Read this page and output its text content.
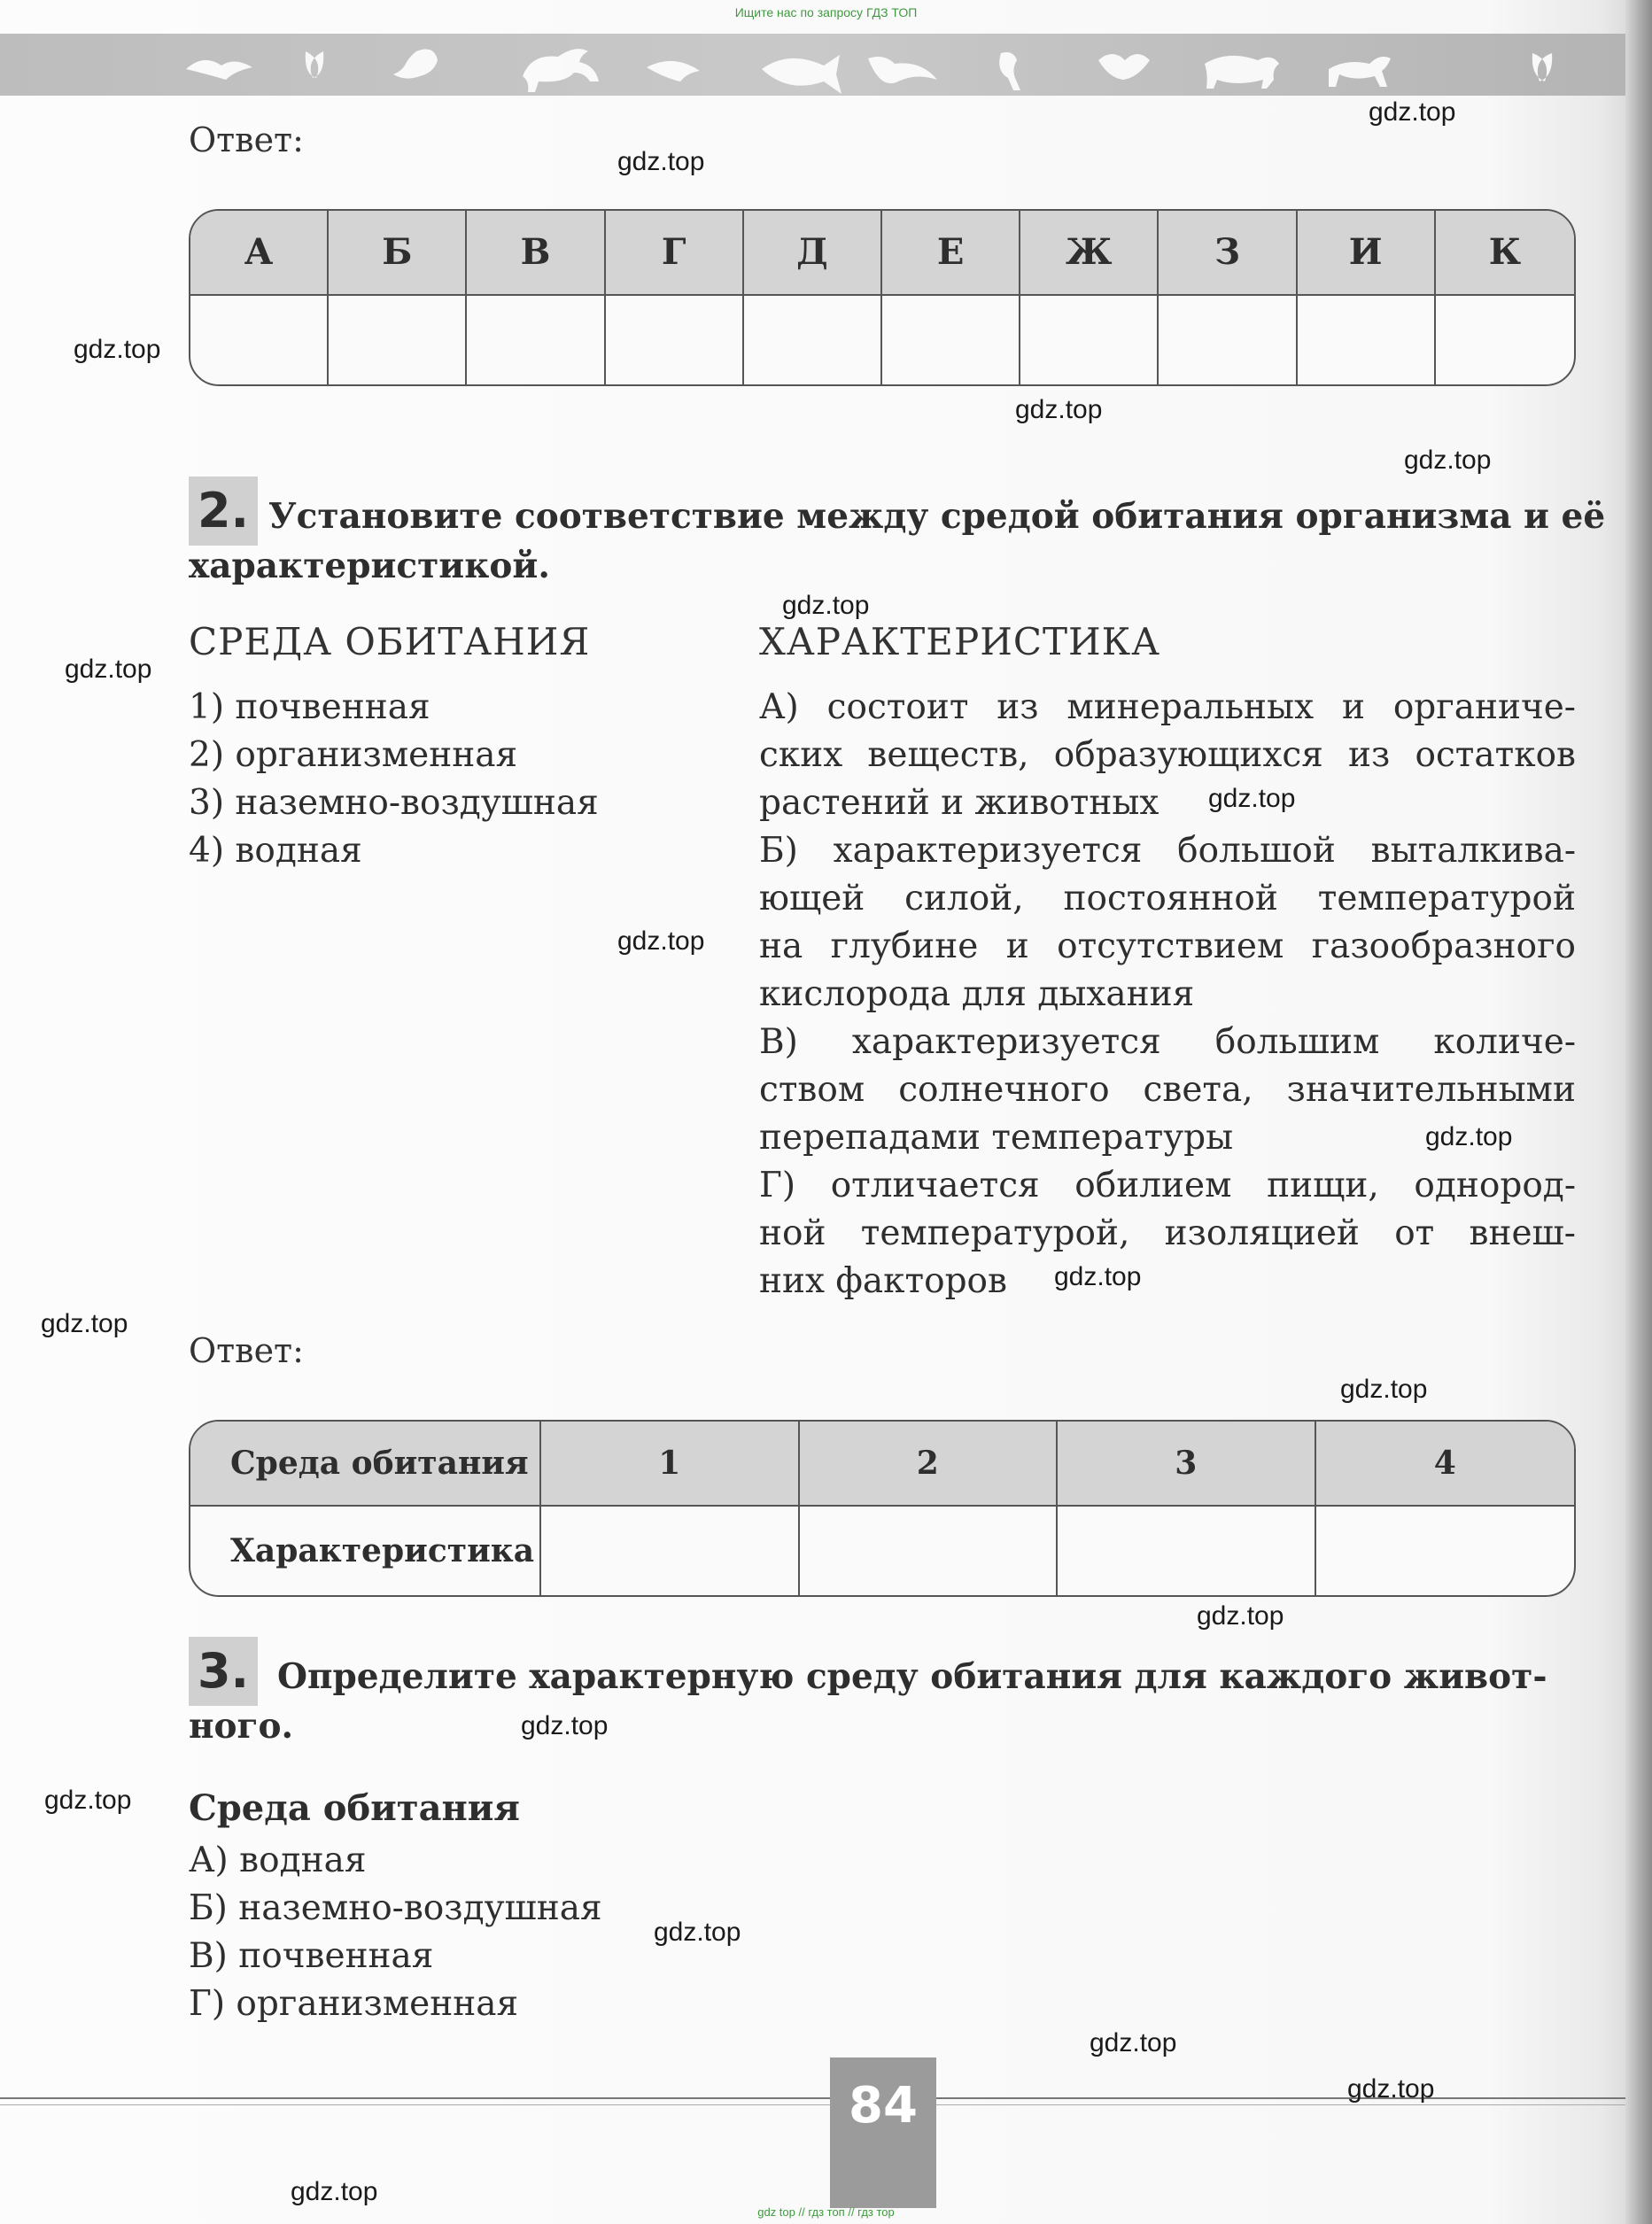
Ищите нас по запросу ГДЗ ТОП
Ответ:
А	Б	В	Г	Д	Е	Ж	З	И	К
2. Установите соответствие между средой обитания организма и её
характеристикой.
СРЕДА ОБИТАНИЯ	ХАРАКТЕРИСТИКА
1) почвенная
2) организменная
3) наземно-воздушная
4) водная
А) состоит из минеральных и органиче-
ских веществ, образующихся из остатков
растений и животных
Б) характеризуется большой выталкива-
ющей силой, постоянной температурой
на глубине и отсутствием газообразного
кислорода для дыхания
В) характеризуется большим количе-
ством солнечного света, значительными
перепадами температуры
Г) отличается обилием пищи, однород-
ной температурой, изоляцией от внеш-
них факторов
Ответ:
Среда обитания	1	2	3	4
Характеристика
3. Определите характерную среду обитания для каждого живот-
ного.
Среда обитания
А) водная
Б) наземно-воздушная
В) почвенная
Г) организменная
84
gdz top // гдз топ // гдз тор
gdz.top
gdz.top
gdz.top
gdz.top
gdz.top
gdz.top
gdz.top
gdz.top
gdz.top
gdz.top
gdz.top
gdz.top
gdz.top
gdz.top
gdz.top
gdz.top
gdz.top
gdz.top
gdz.top
gdz.top
